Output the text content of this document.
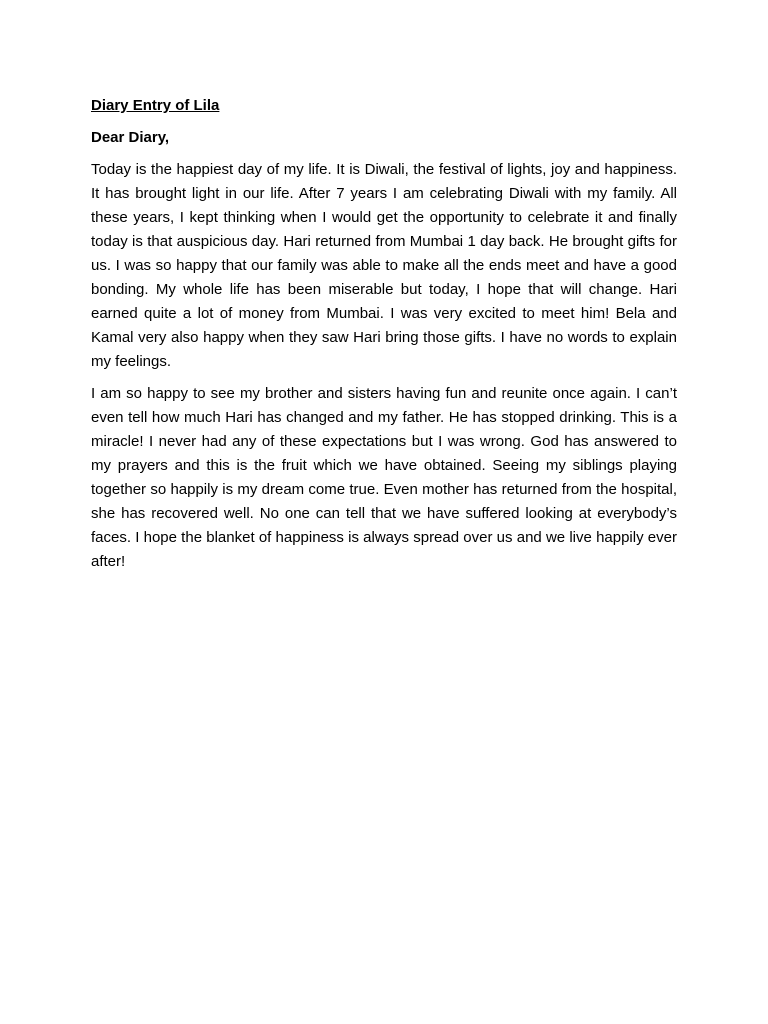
Diary Entry of Lila
Dear Diary,

Today is the happiest day of my life. It is Diwali, the festival of lights, joy and happiness. It has brought light in our life. After 7 years I am celebrating Diwali with my family. All these years, I kept thinking when I would get the opportunity to celebrate it and finally today is that auspicious day. Hari returned from Mumbai 1 day back. He brought gifts for us. I was so happy that our family was able to make all the ends meet and have a good bonding. My whole life has been miserable but today, I hope that will change. Hari earned quite a lot of money from Mumbai. I was very excited to meet him! Bela and Kamal very also happy when they saw Hari bring those gifts. I have no words to explain my feelings.

I am so happy to see my brother and sisters having fun and reunite once again. I can’t even tell how much Hari has changed and my father. He has stopped drinking. This is a miracle! I never had any of these expectations but I was wrong. God has answered to my prayers and this is the fruit which we have obtained. Seeing my siblings playing together so happily is my dream come true. Even mother has returned from the hospital, she has recovered well. No one can tell that we have suffered looking at everybody’s faces. I hope the blanket of happiness is always spread over us and we live happily ever after!
